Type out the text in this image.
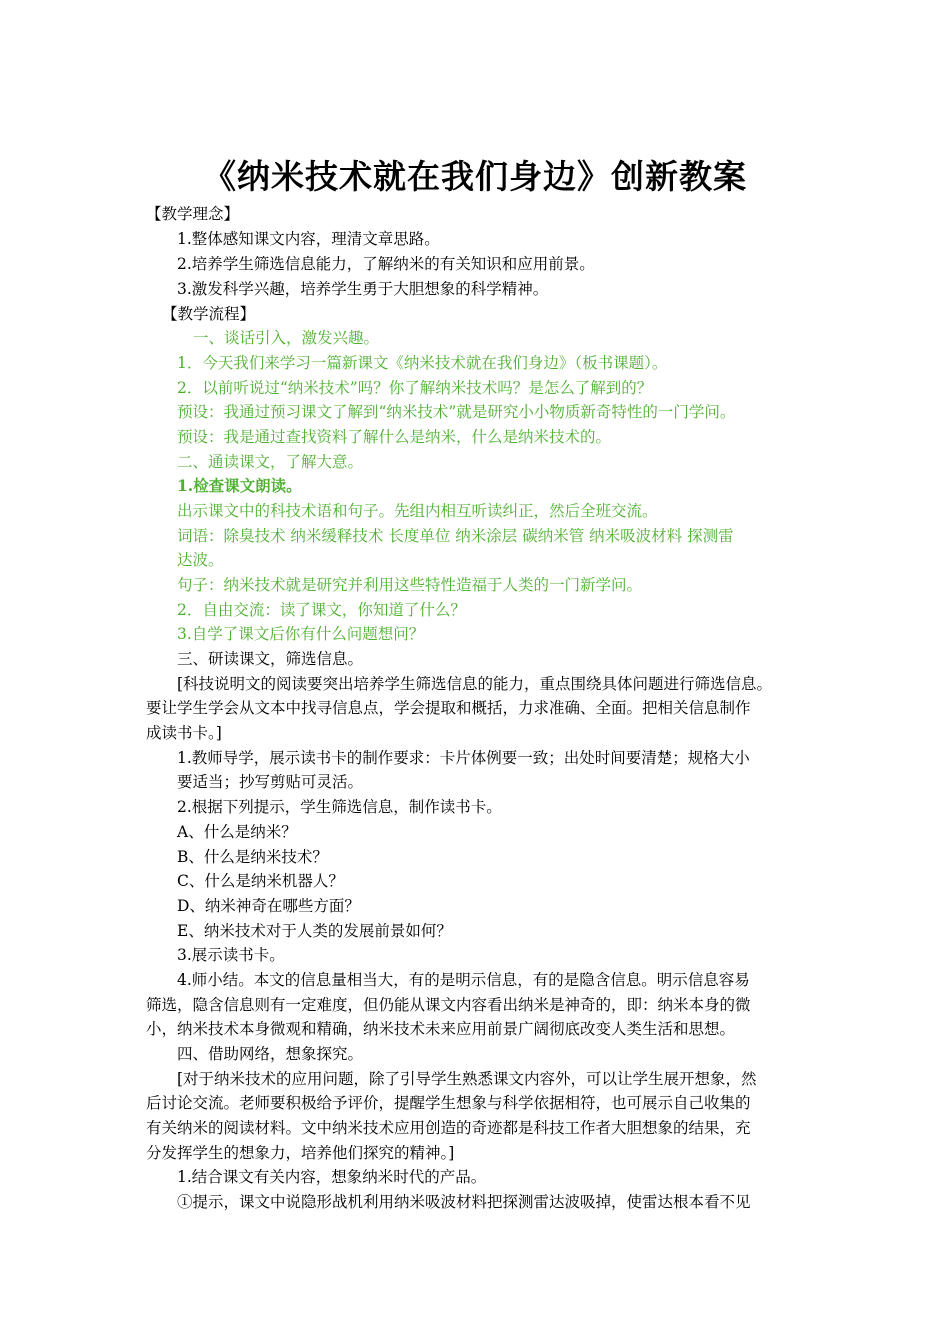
《纳米技术就在我们身边》创新教案
【教学理念】
1.整体感知课文内容，理清文章思路。
2.培养学生筛选信息能力，了解纳米的有关知识和应用前景。
3.激发科学兴趣，培养学生勇于大胆想象的科学精神。
【教学流程】
一、谈话引入，激发兴趣。
1．今天我们来学习一篇新课文《纳米技术就在我们身边》（板书课题）。
2．以前听说过“纳米技术”吗？你了解纳米技术吗？是怎么了解到的？
预设：我通过预习课文了解到“纳米技术”就是研究小小物质新奇特性的一门学问。
预设：我是通过查找资料了解什么是纳米，什么是纳米技术的。
二、通读课文，了解大意。
1.检查课文朗读。
出示课文中的科技术语和句子。先组内相互听读纠正，然后全班交流。
词语：除臭技术 纳米缓释技术 长度单位 纳米涂层 碳纳米管 纳米吸波材料 探测雷
达波。
句子：纳米技术就是研究并利用这些特性造福于人类的一门新学问。
2．自由交流：读了课文，你知道了什么？
3.自学了课文后你有什么问题想问？
三、研读课文，筛选信息。
[科技说明文的阅读要突出培养学生筛选信息的能力，重点围绕具体问题进行筛选信息。
要让学生学会从文本中找寻信息点，学会提取和概括，力求准确、全面。把相关信息制作
成读书卡。]
1.教师导学，展示读书卡的制作要求：卡片体例要一致；出处时间要清楚；规格大小
要适当；抄写剪贴可灵活。
2.根据下列提示，学生筛选信息，制作读书卡。
A、什么是纳米？
B、什么是纳米技术？
C、什么是纳米机器人？
D、纳米神奇在哪些方面？
E、纳米技术对于人类的发展前景如何？
3.展示读书卡。
4.师小结。本文的信息量相当大，有的是明示信息，有的是隐含信息。明示信息容易
筛选，隐含信息则有一定难度，但仍能从课文内容看出纳米是神奇的，即：纳米本身的微
小，纳米技术本身微观和精确，纳米技术未来应用前景广阔彻底改变人类生活和思想。
四、借助网络，想象探究。
[对于纳米技术的应用问题，除了引导学生熟悉课文内容外，可以让学生展开想象，然
后讨论交流。老师要积极给予评价，提醒学生想象与科学依据相符，也可展示自己收集的
有关纳米的阅读材料。文中纳米技术应用创造的奇迹都是科技工作者大胆想象的结果，充
分发挥学生的想象力，培养他们探究的精神。]
1.结合课文有关内容，想象纳米时代的产品。
①提示，课文中说隐形战机利用纳米吸波材料把探测雷达波吸掉，使雷达根本看不见
